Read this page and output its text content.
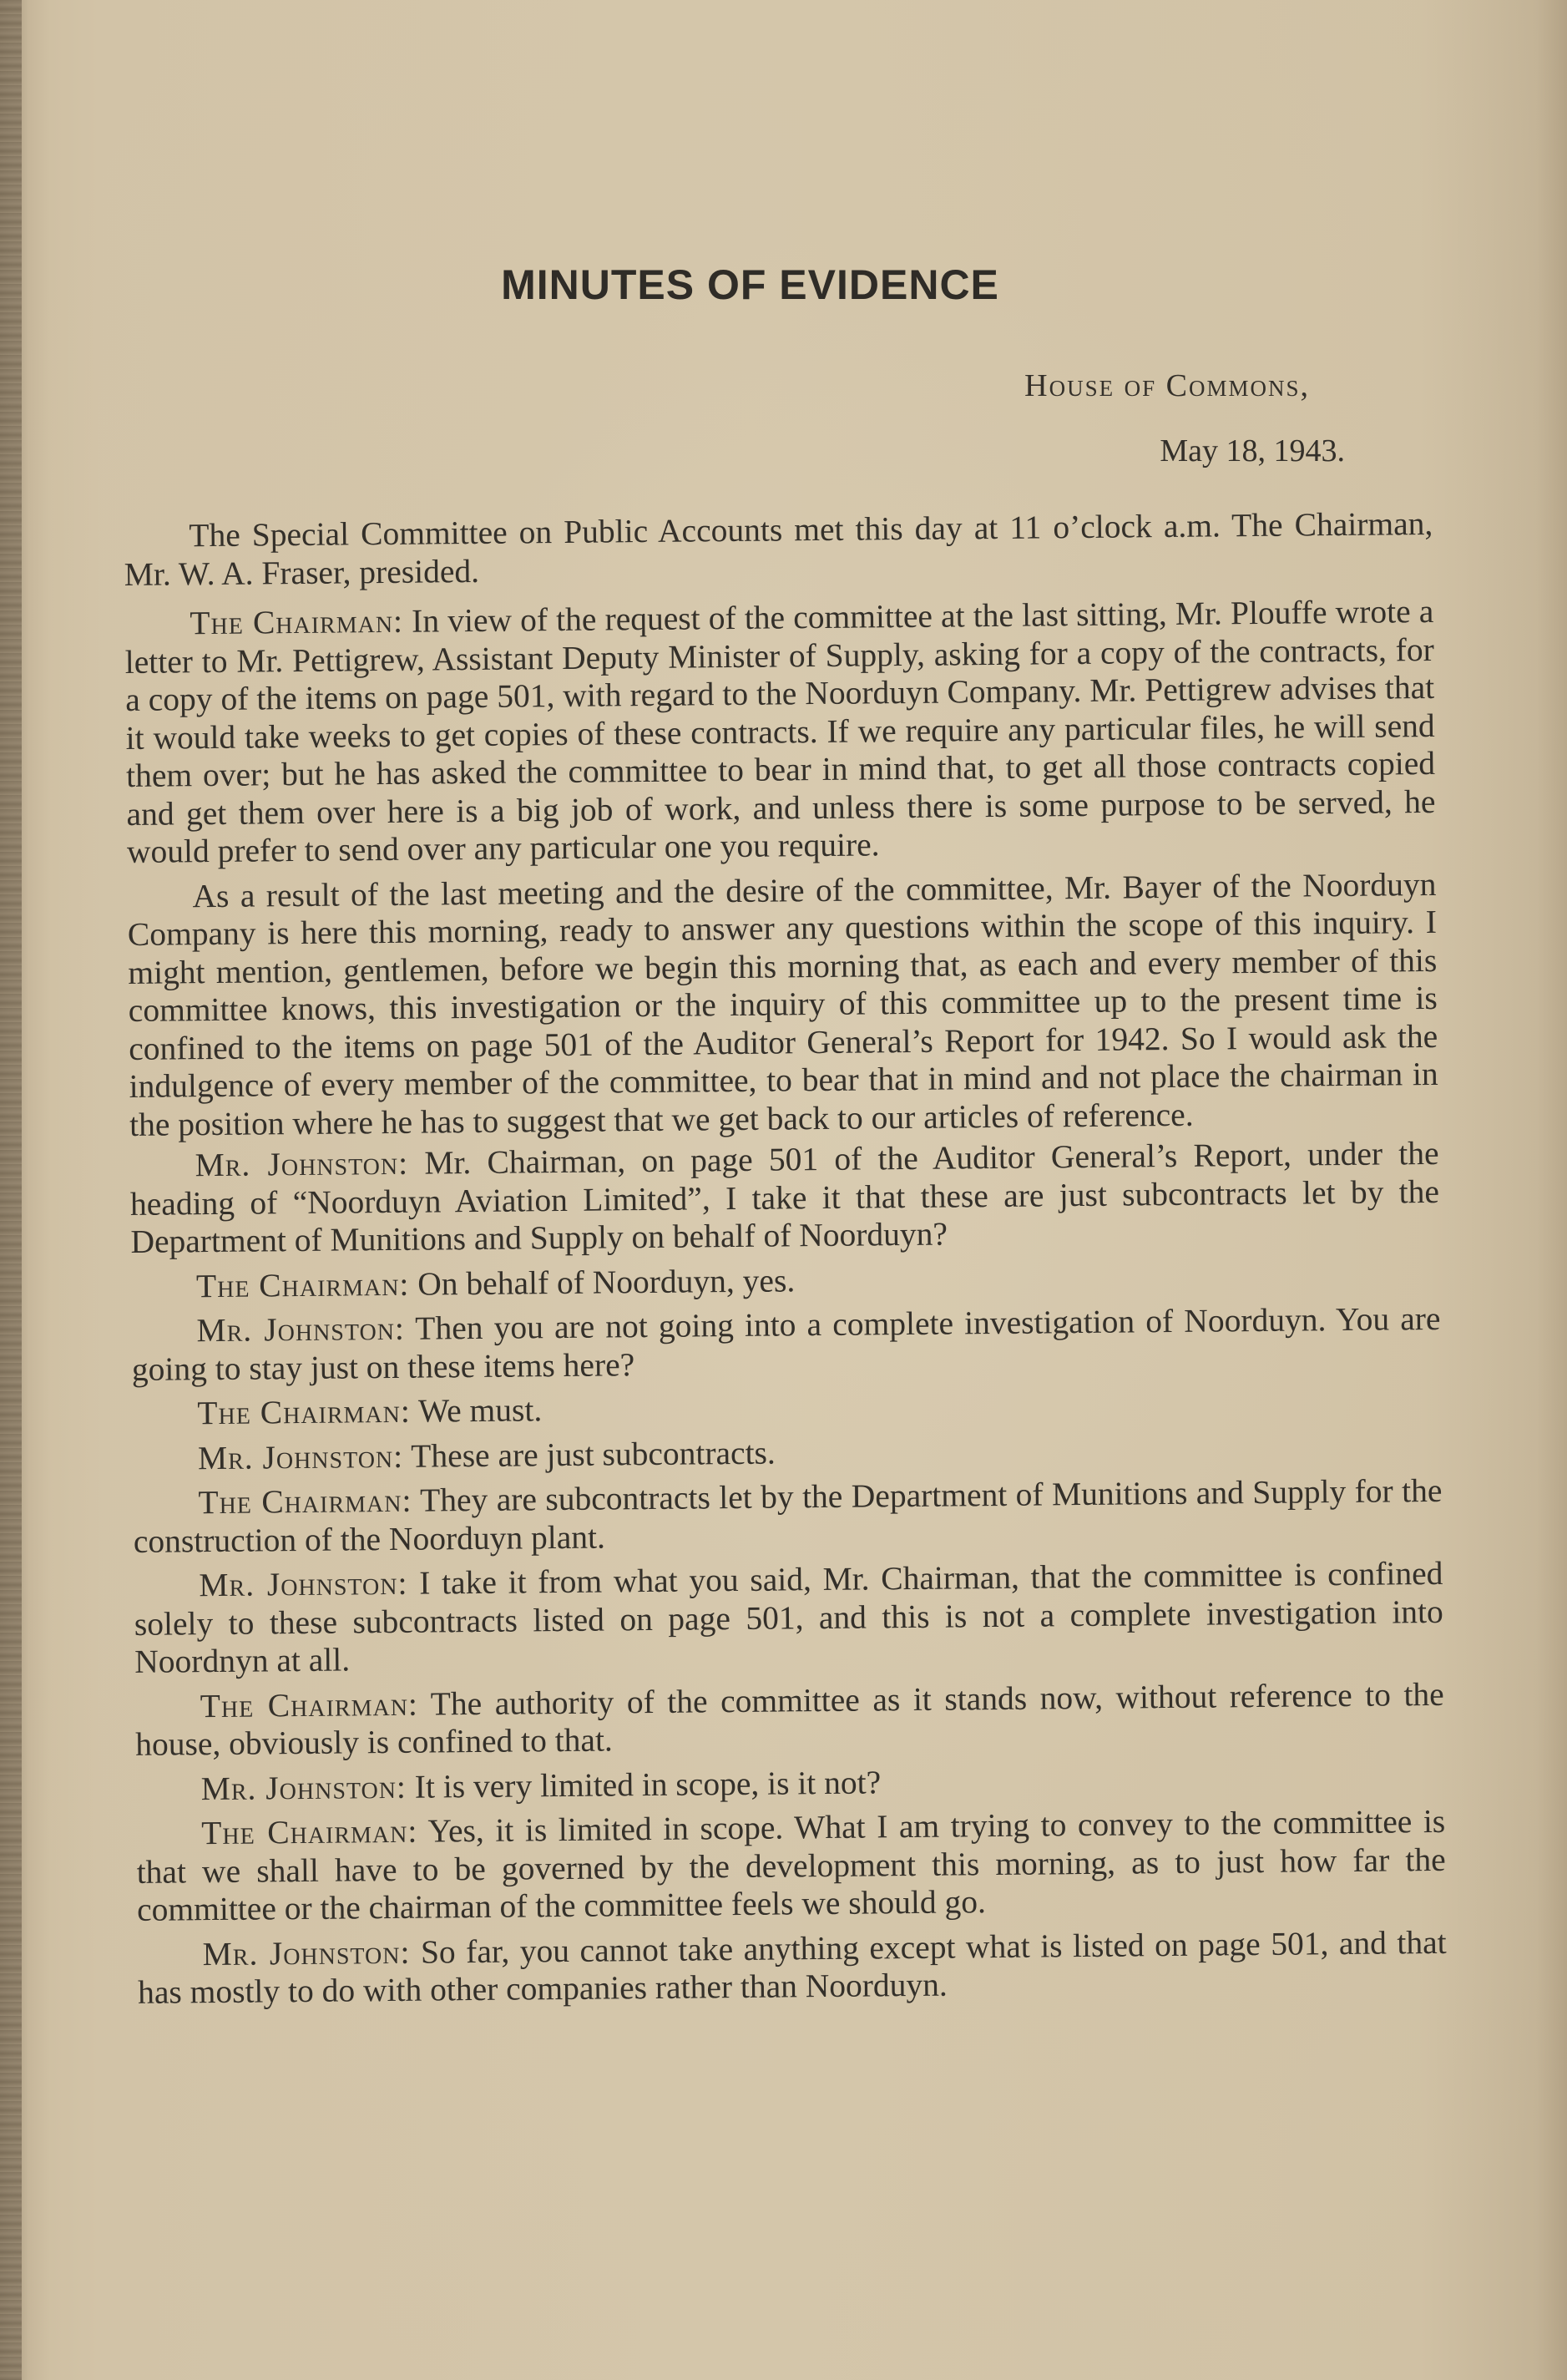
MINUTES OF EVIDENCE
House of Commons,
May 18, 1943.

The Special Committee on Public Accounts met this day at 11 o’clock a.m. The Chairman, Mr. W. A. Fraser, presided.

The Chairman: In view of the request of the committee at the last sitting, Mr. Plouffe wrote a letter to Mr. Pettigrew, Assistant Deputy Minister of Supply, asking for a copy of the contracts, for a copy of the items on page 501, with regard to the Noorduyn Company. Mr. Pettigrew advises that it would take weeks to get copies of these contracts. If we require any particular files, he will send them over; but he has asked the committee to bear in mind that, to get all those contracts copied and get them over here is a big job of work, and unless there is some purpose to be served, he would prefer to send over any particular one you require.

As a result of the last meeting and the desire of the committee, Mr. Bayer of the Noorduyn Company is here this morning, ready to answer any questions within the scope of this inquiry. I might mention, gentlemen, before we begin this morning that, as each and every member of this committee knows, this investigation or the inquiry of this committee up to the present time is confined to the items on page 501 of the Auditor General’s Report for 1942. So I would ask the indulgence of every member of the committee, to bear that in mind and not place the chairman in the position where he has to suggest that we get back to our articles of reference.

Mr. Johnston: Mr. Chairman, on page 501 of the Auditor General’s Report, under the heading of “Noorduyn Aviation Limited”, I take it that these are just subcontracts let by the Department of Munitions and Supply on behalf of Noorduyn?

The Chairman: On behalf of Noorduyn, yes.

Mr. Johnston: Then you are not going into a complete investigation of Noorduyn. You are going to stay just on these items here?

The Chairman: We must.

Mr. Johnston: These are just subcontracts.

The Chairman: They are subcontracts let by the Department of Munitions and Supply for the construction of the Noorduyn plant.

Mr. Johnston: I take it from what you said, Mr. Chairman, that the committee is confined solely to these subcontracts listed on page 501, and this is not a complete investigation into Noordnyn at all.

The Chairman: The authority of the committee as it stands now, without reference to the house, obviously is confined to that.

Mr. Johnston: It is very limited in scope, is it not?

The Chairman: Yes, it is limited in scope. What I am trying to convey to the committee is that we shall have to be governed by the development this morning, as to just how far the committee or the chairman of the committee feels we should go.

Mr. Johnston: So far, you cannot take anything except what is listed on page 501, and that has mostly to do with other companies rather than Noorduyn.
